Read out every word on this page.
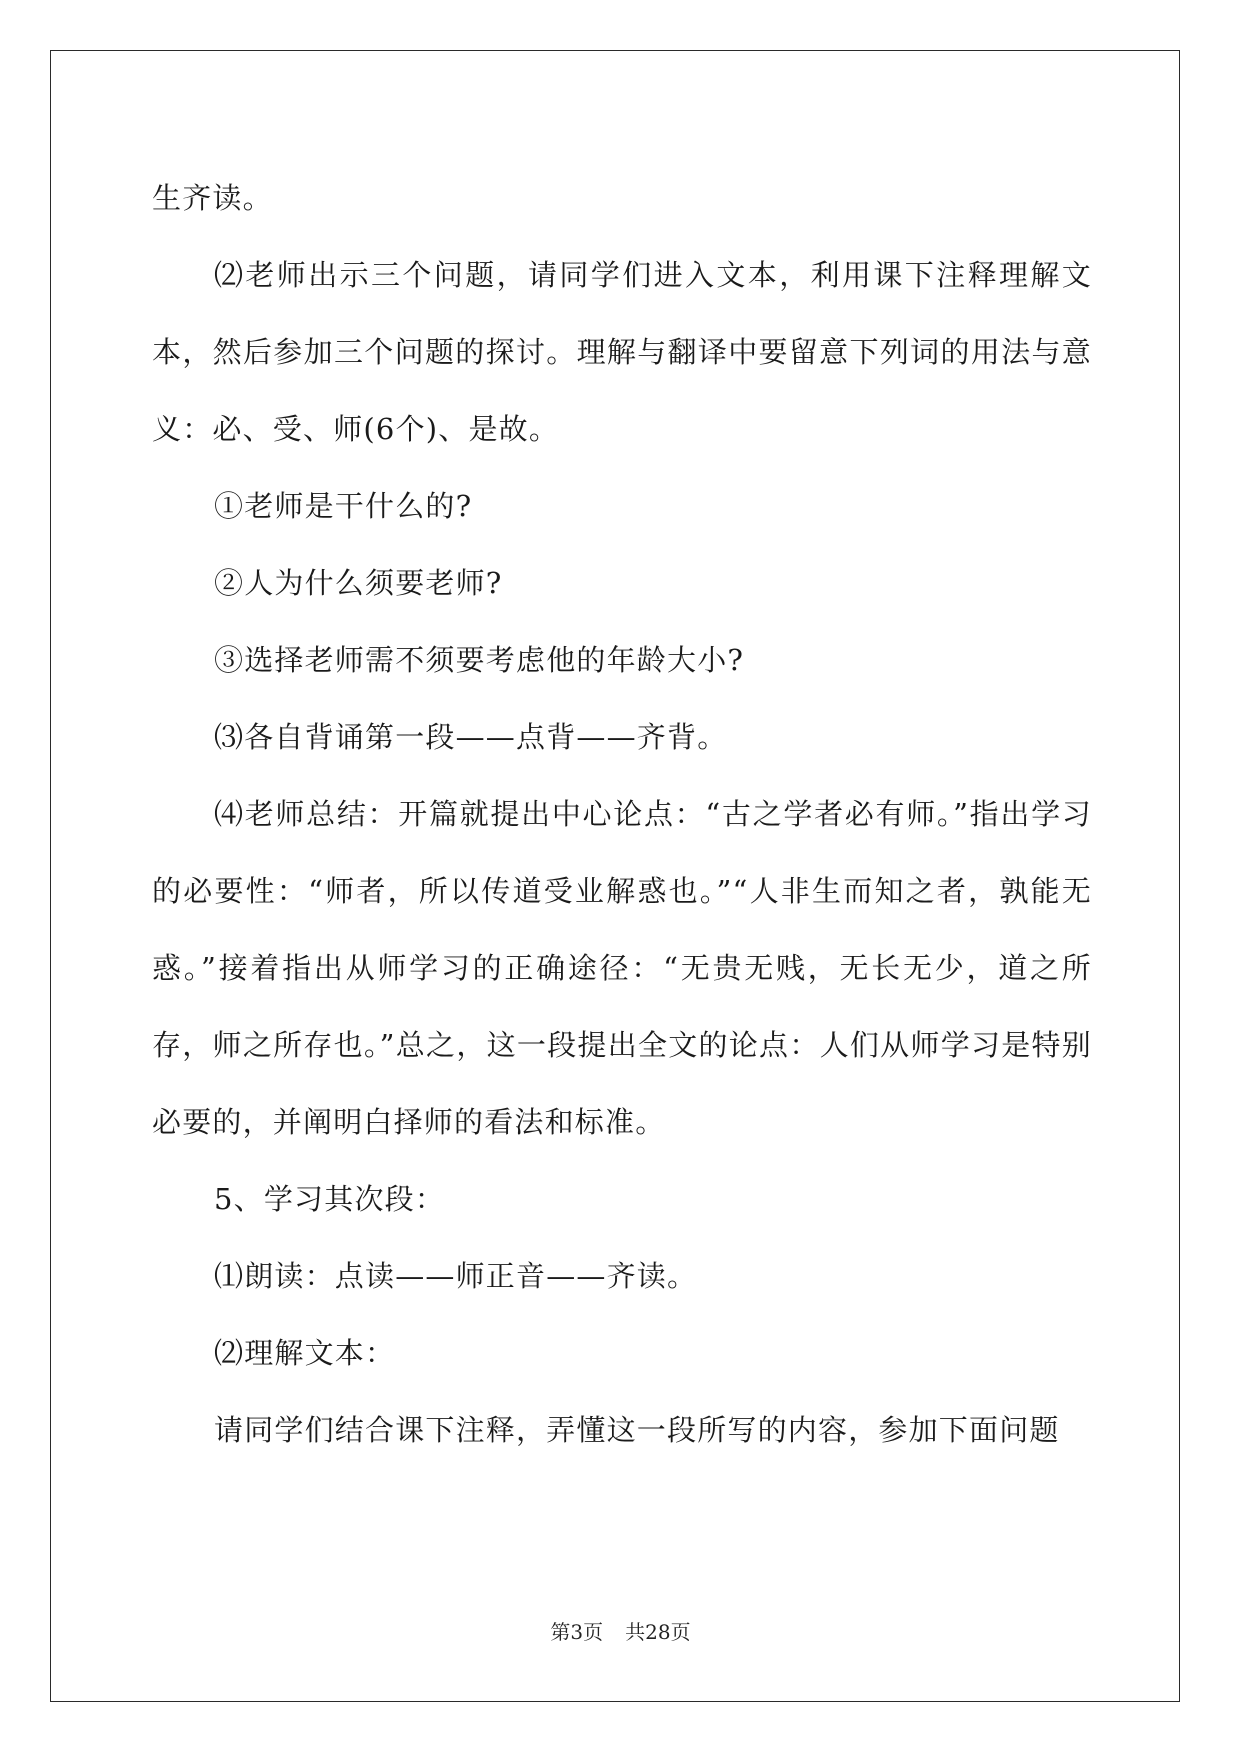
生齐读。

⑵老师出示三个问题，请同学们进入文本，利用课下注释理解文本，然后参加三个问题的探讨。理解与翻译中要留意下列词的用法与意义：必、受、师(6个)、是故。

①老师是干什么的?

②人为什么须要老师?

③选择老师需不须要考虑他的年龄大小?

⑶各自背诵第一段——点背——齐背。

⑷老师总结：开篇就提出中心论点：“古之学者必有师。”指出学习的必要性：“师者，所以传道受业解惑也。”“人非生而知之者，孰能无惑。”接着指出从师学习的正确途径：“无贵无贱，无长无少，道之所存，师之所存也。”总之，这一段提出全文的论点：人们从师学习是特别必要的，并阐明白择师的看法和标准。

5、学习其次段：

⑴朗读：点读——师正音——齐读。

⑵理解文本：

请同学们结合课下注释，弄懂这一段所写的内容，参加下面问题

第3页 共28页
